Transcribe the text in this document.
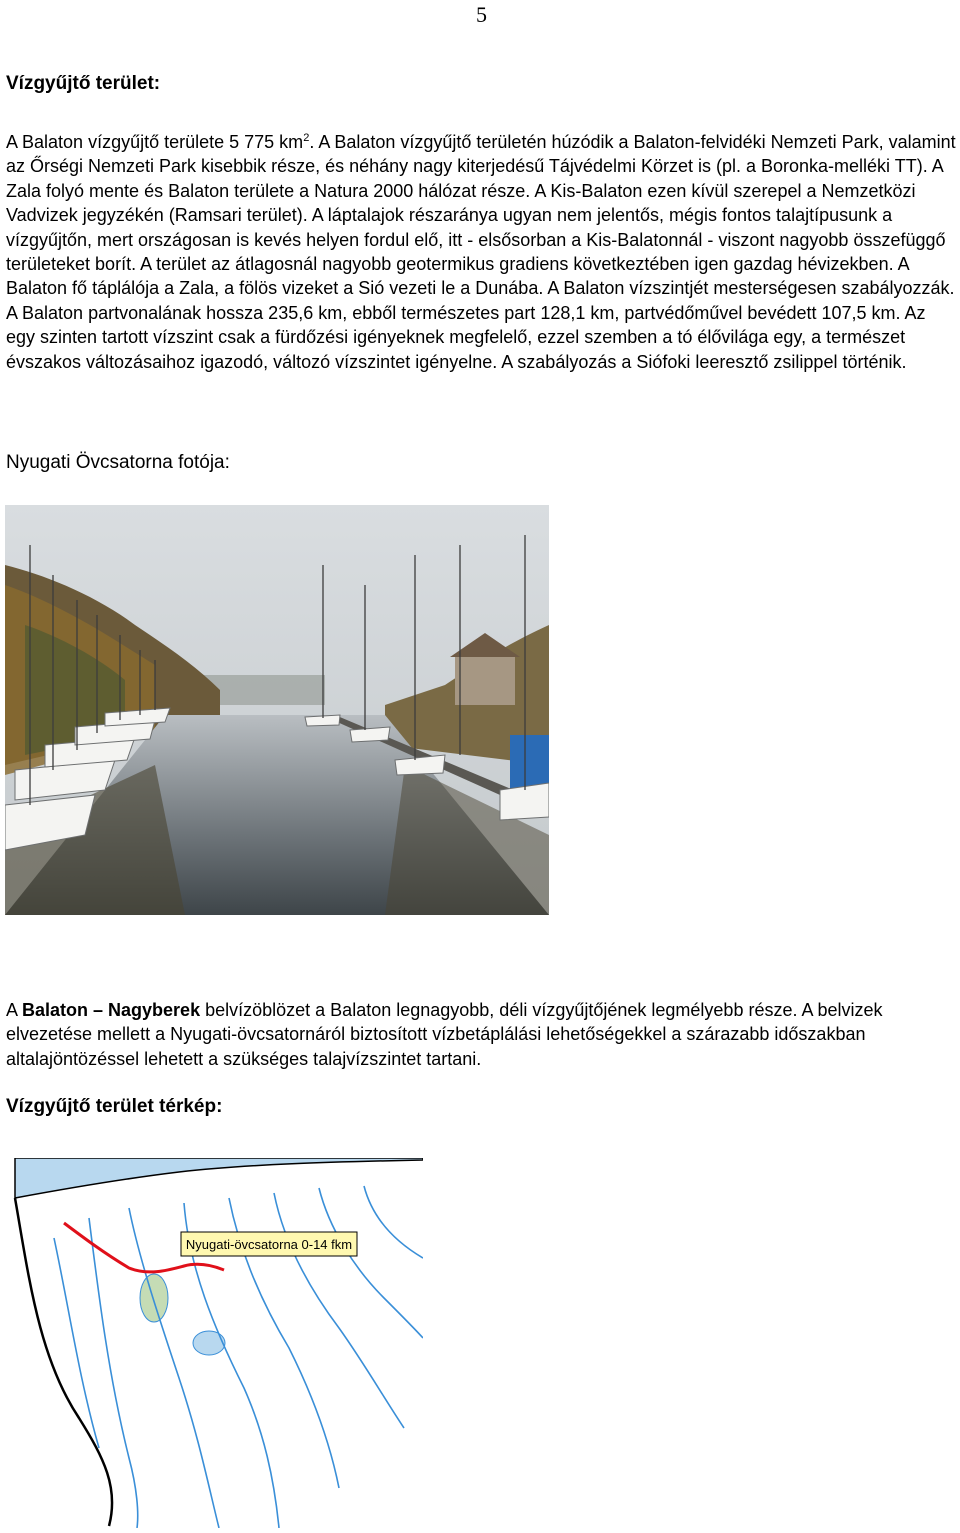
5
Vízgyűjtő terület:

A Balaton vízgyűjtő területe 5 775 $km^2$. A Balaton vízgyűjtő területén húzódik a Balaton-felvidéki Nemzeti Park, valamint az Őrségi Nemzeti Park kisebbik része, és néhány nagy kiterjedésű Tájvédelmi Körzet is (pl. a Boronka-melléki TT). A Zala folyó mente és Balaton területe a Natura 2000 hálózat része. A Kis-Balaton ezen kívül szerepel a Nemzetközi Vadvizek jegyzékén (Ramsari terület). A láptalajok részaránya ugyan nem jelentős, mégis fontos talajtípusunk a vízgyűjtőn, mert országosan is kevés helyen fordul elő, itt - elsősorban a Kis-Balatonnál - viszont nagyobb összefüggő területeket borít. A terület az átlagosnál nagyobb geotermikus gradiens következtében igen gazdag hévizekben. A Balaton fő táplálója a Zala, a fölös vizeket a Sió vezeti le a Dunába. A Balaton vízszintjét mesterségesen szabályozzák. A Balaton partvonalának hossza 235,6 km, ebből természetes part 128,1 km, partvédőművel bevédett 107,5 km. Az egy szinten tartott vízszint csak a fürdőzési igényeknek megfelelő, ezzel szemben a tó élővilága egy, a természet évszakos változásaihoz igazodó, változó vízszintet igényelne. A szabályozás a Siófoki leeresztő zsilippel történik.

Nyugati Övcsatorna fotója:

A Balaton – Nagyberek belvízöblözet a Balaton legnagyobb, déli vízgyűjtőjének legmélyebb része. A belvizek elvezetése mellett a Nyugati-övcsatornáról biztosított vízbetáplálási lehetőségekkel a szárazabb időszakban altalajöntözéssel lehetett a szükséges talajvízszintet tartani.

Vízgyűjtő terület térkép:
Nyugati-övcsatorna 0-14 fkm
